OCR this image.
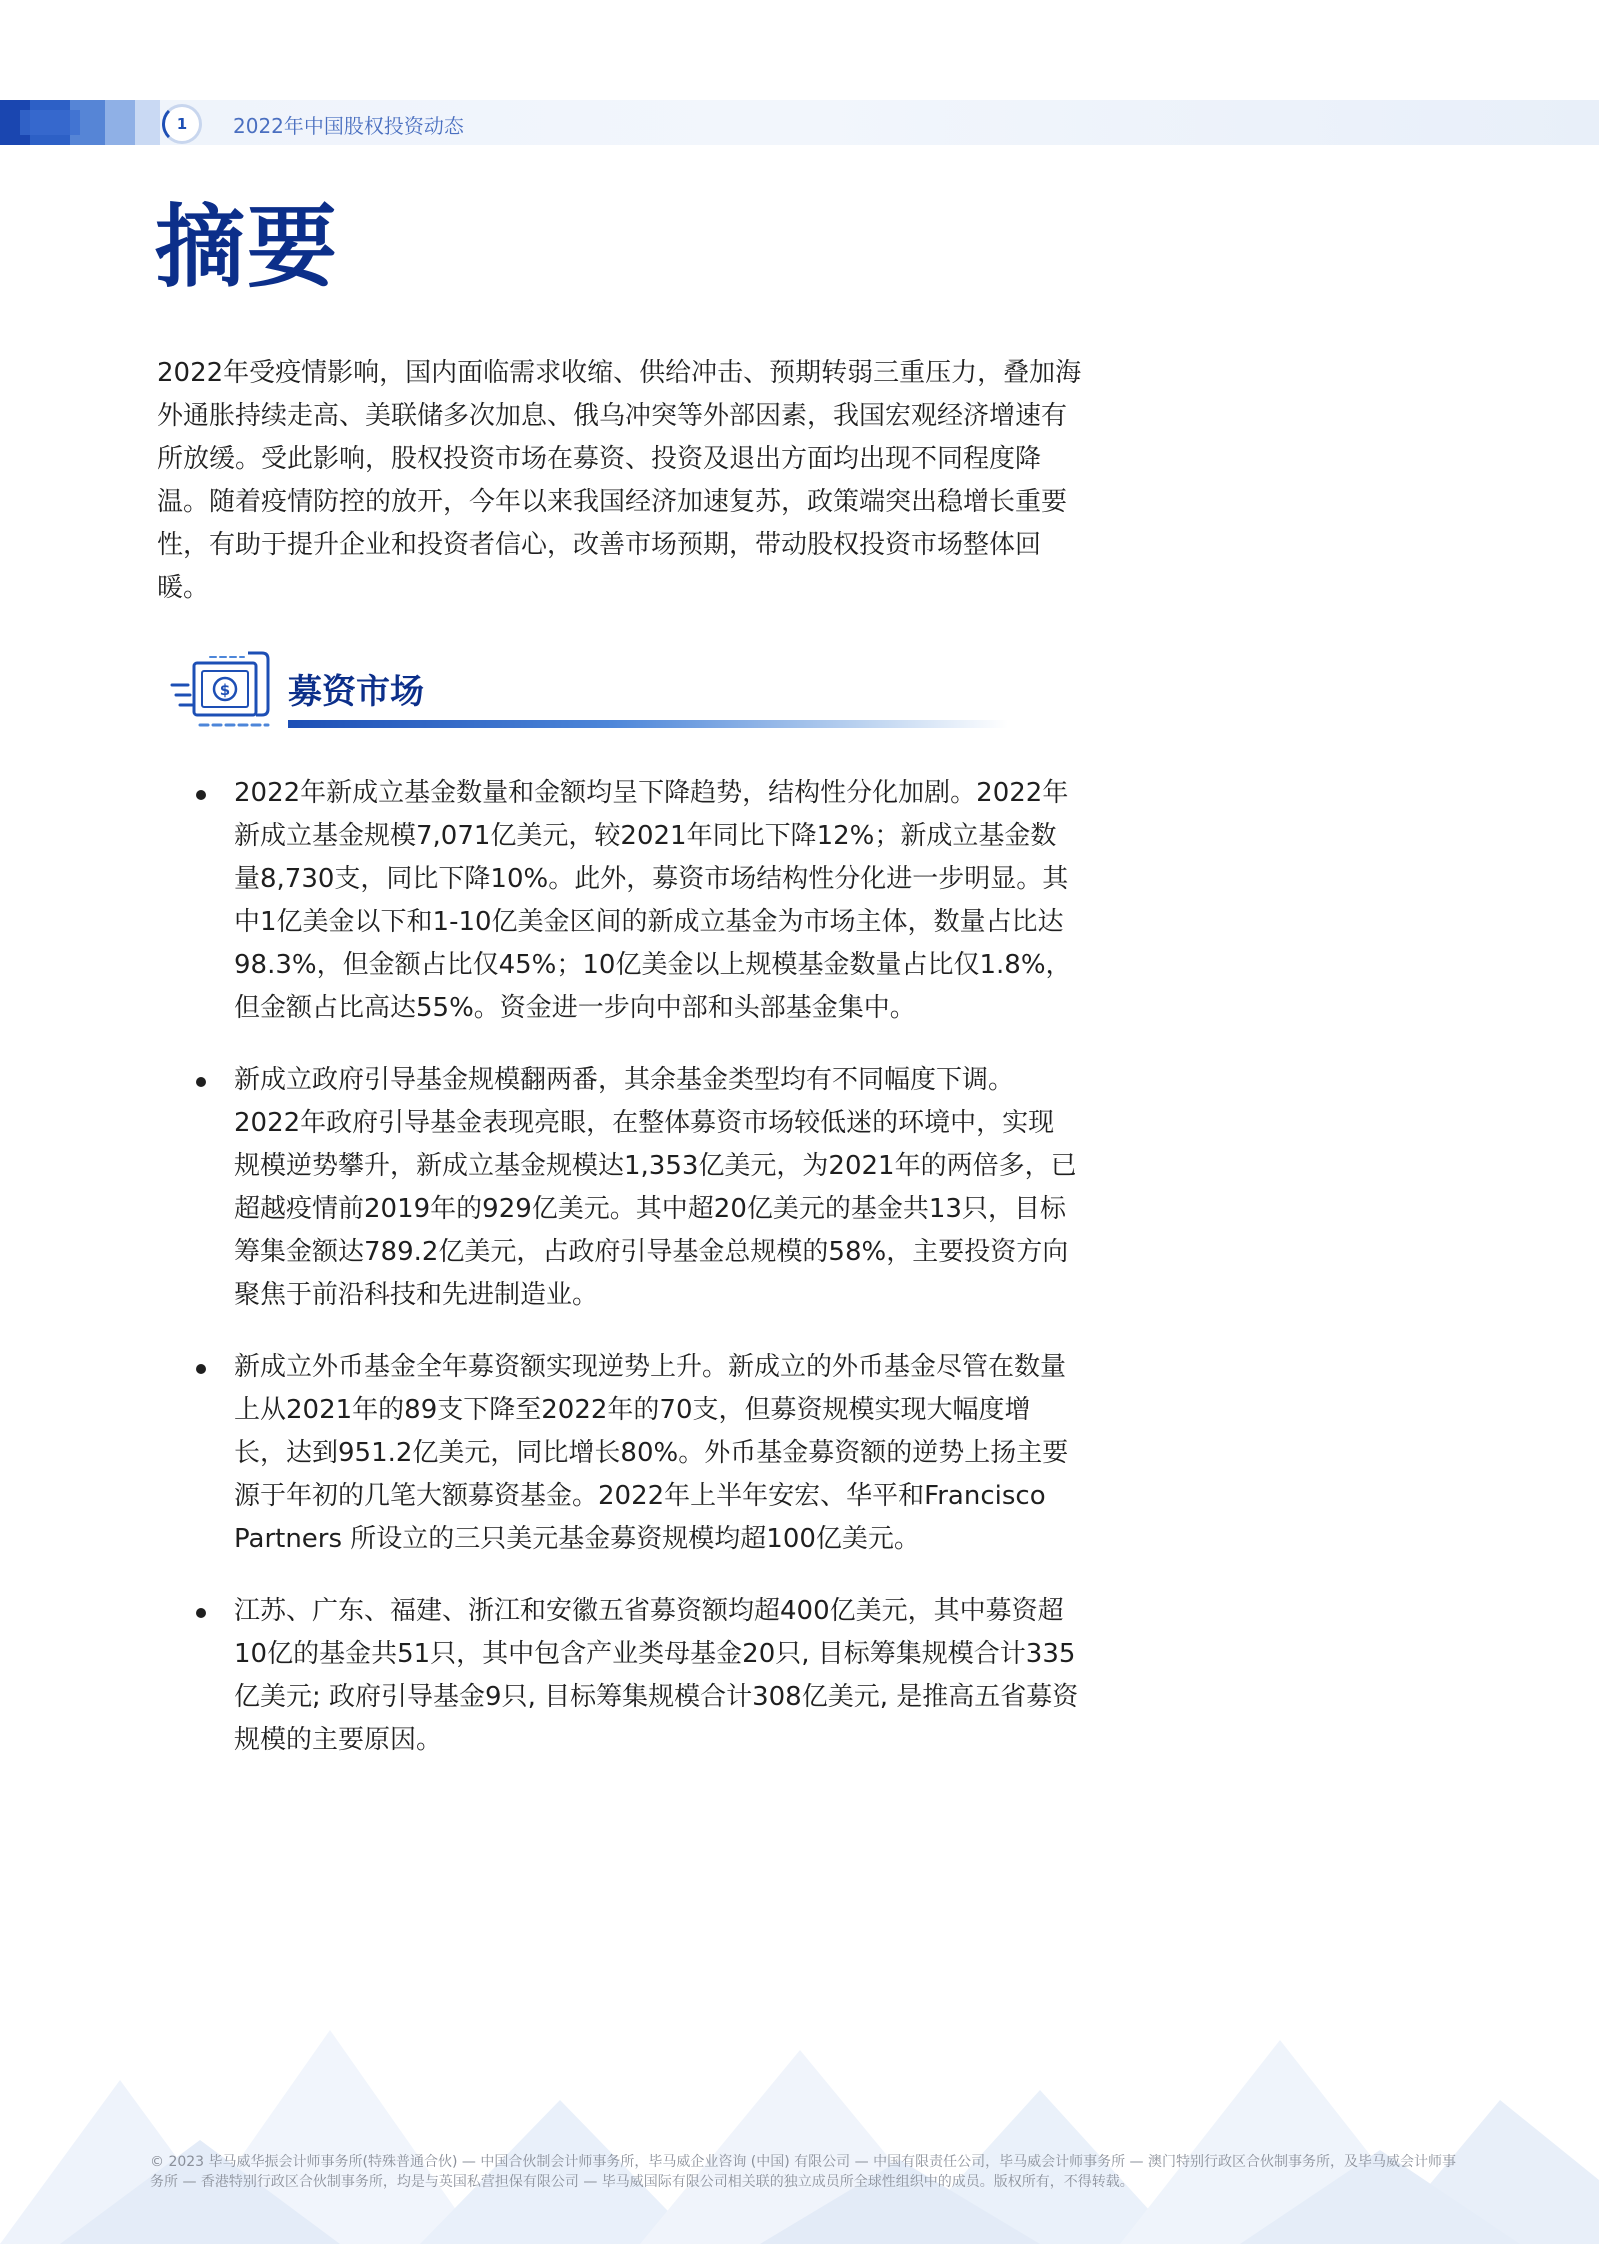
1	2022年中国股权投资动态
摘要

2022年受疫情影响，国内面临需求收缩、供给冲击、预期转弱三重压力，叠加海外通胀持续走高、美联储多次加息、俄乌冲突等外部因素，我国宏观经济增速有所放缓。受此影响，股权投资市场在募资、投资及退出方面均出现不同程度降温。随着疫情防控的放开，今年以来我国经济加速复苏，政策端突出稳增长重要性，有助于提升企业和投资者信心，改善市场预期，带动股权投资市场整体回暖。

$ 募资市场
2022年新成立基金数量和金额均呈下降趋势，结构性分化加剧。2022年新成立基金规模7,071亿美元，较2021年同比下降12%；新成立基金数量8,730支，同比下降10%。此外，募资市场结构性分化进一步明显。其中1亿美金以下和1-10亿美金区间的新成立基金为市场主体，数量占比达98.3%，但金额占比仅45%；10亿美金以上规模基金数量占比仅1.8%，但金额占比高达55%。资金进一步向中部和头部基金集中。
新成立政府引导基金规模翻两番，其余基金类型均有不同幅度下调。2022年政府引导基金表现亮眼，在整体募资市场较低迷的环境中，实现规模逆势攀升，新成立基金规模达1,353亿美元，为2021年的两倍多，已超越疫情前2019年的929亿美元。其中超20亿美元的基金共13只，目标筹集金额达789.2亿美元，占政府引导基金总规模的58%，主要投资方向聚焦于前沿科技和先进制造业。
新成立外币基金全年募资额实现逆势上升。新成立的外币基金尽管在数量上从2021年的89支下降至2022年的70支，但募资规模实现大幅度增长，达到951.2亿美元，同比增长80%。外币基金募资额的逆势上扬主要源于年初的几笔大额募资基金。2022年上半年安宏、华平和Francisco Partners 所设立的三只美元基金募资规模均超100亿美元。
江苏、广东、福建、浙江和安徽五省募资额均超400亿美元，其中募资超10亿的基金共51只，其中包含产业类母基金20只, 目标筹集规模合计335亿美元; 政府引导基金9只, 目标筹集规模合计308亿美元, 是推高五省募资规模的主要原因。

© 2023 毕马威华振会计师事务所(特殊普通合伙) — 中国合伙制会计师事务所，毕马威企业咨询 (中国) 有限公司 — 中国有限责任公司，毕马威会计师事务所 — 澳门特别行政区合伙制事务所，及毕马威会计师事务所 — 香港特别行政区合伙制事务所，均是与英国私营担保有限公司 — 毕马威国际有限公司相关联的独立成员所全球性组织中的成员。版权所有，不得转载。
